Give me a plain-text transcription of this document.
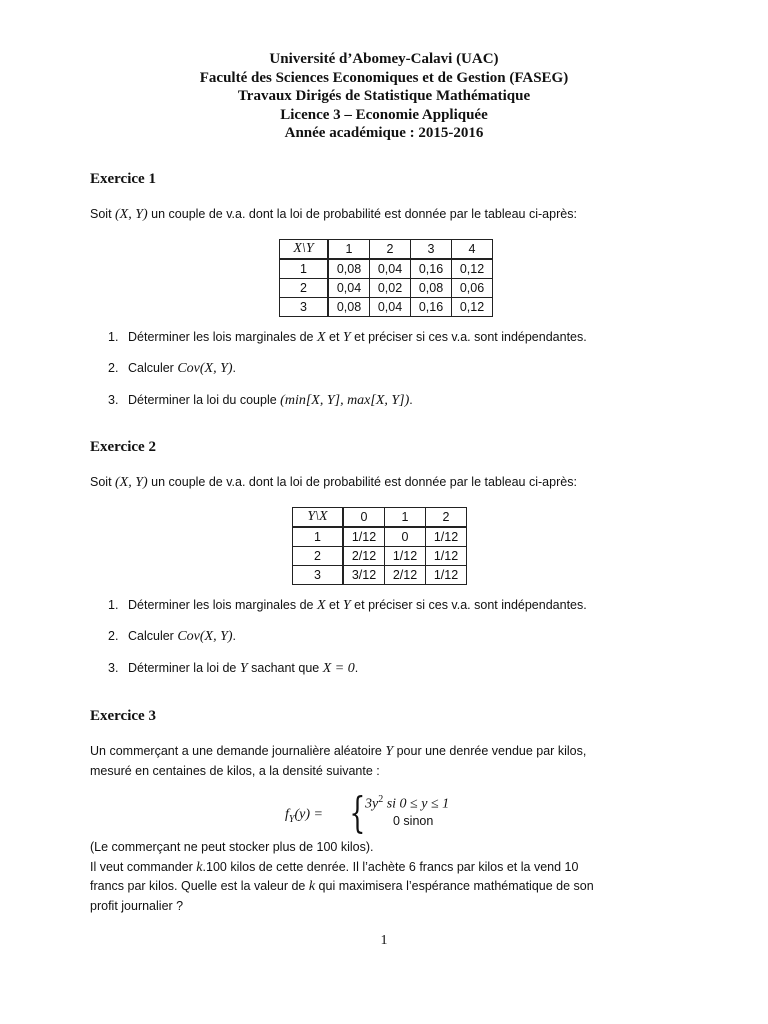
Université d’Abomey-Calavi (UAC)
Faculté des Sciences Economiques et de Gestion (FASEG)
Travaux Dirigés de Statistique Mathématique
Licence 3 – Economie Appliquée
Année académique : 2015-2016
Exercice 1
Soit (X, Y) un couple de v.a. dont la loi de probabilité est donnée par le tableau ci-après:
X\Y	1	2	3	4
1	0,08	0,04	0,16	0,12
2	0,04	0,02	0,08	0,06
3	0,08	0,04	0,16	0,12
1. Déterminer les lois marginales de X et Y et préciser si ces v.a. sont indépendantes.
2. Calculer Cov(X, Y).
3. Déterminer la loi du couple (min[X, Y], max[X, Y]).
Exercice 2
Soit (X, Y) un couple de v.a. dont la loi de probabilité est donnée par le tableau ci-après:
Y\X	0	1	2
1	1/12	0	1/12
2	2/12	1/12	1/12
3	3/12	2/12	1/12
1. Déterminer les lois marginales de X et Y et préciser si ces v.a. sont indépendantes.
2. Calculer Cov(X, Y).
3. Déterminer la loi de Y sachant que X = 0.
Exercice 3
Un commerçant a une demande journalière aléatoire Y pour une denrée vendue par kilos,
mesuré en centaines de kilos, a la densité suivante :
$f_Y(y)$ = { $3y^2$ si 0 ≤ y ≤ 1
0 sinon
(Le commerçant ne peut stocker plus de 100 kilos).
Il veut commander k.100 kilos de cette denrée. Il l’achète 6 francs par kilos et la vend 10
francs par kilos. Quelle est la valeur de k qui maximisera l’espérance mathématique de son
profit journalier ?
1
